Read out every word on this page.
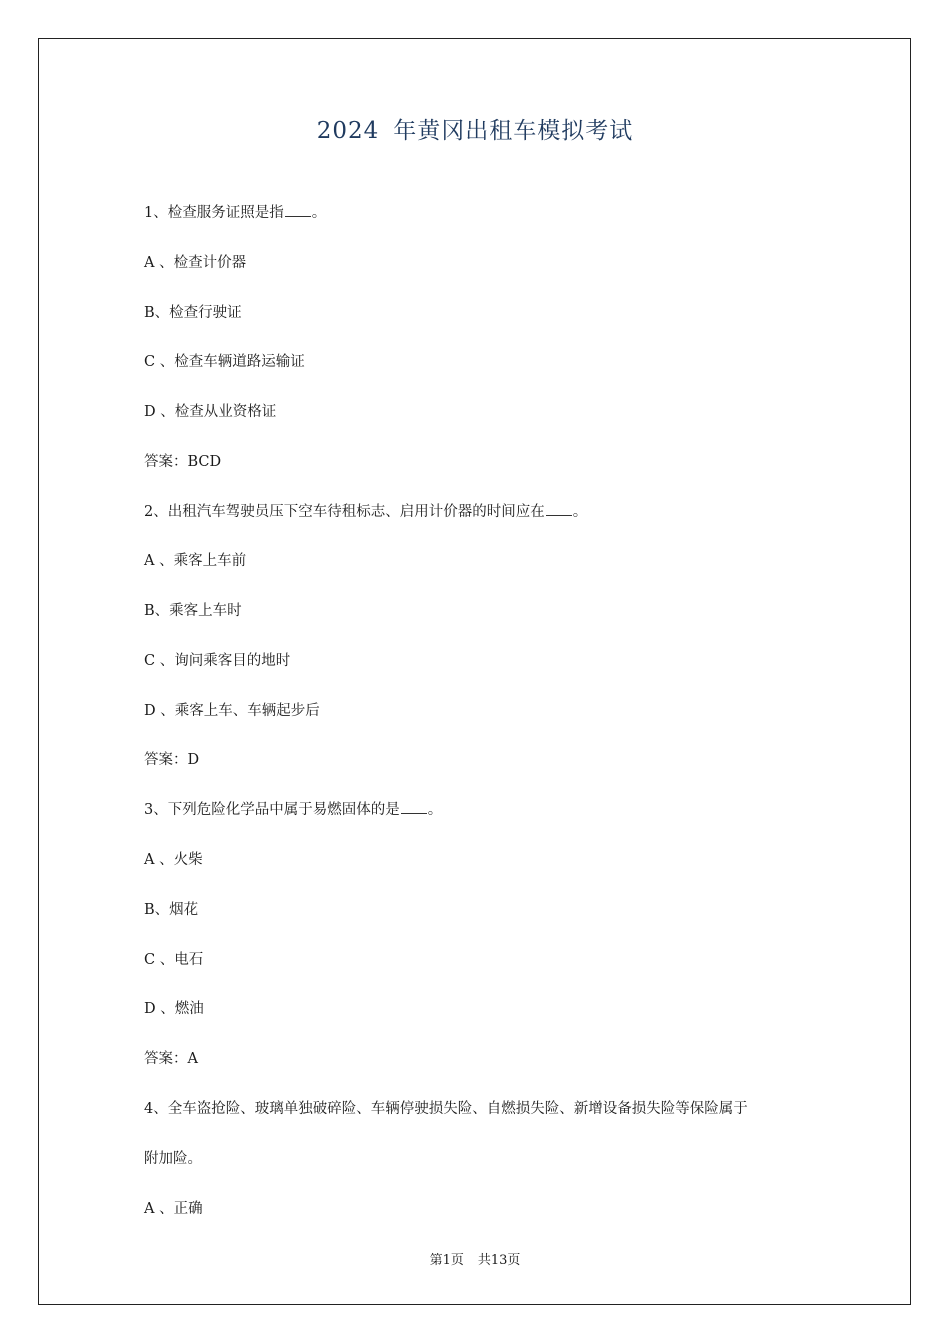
2024 年黄冈出租车模拟考试
1、检查服务证照是指 。
A 、检查计价器
B、检查行驶证
C 、检查车辆道路运输证
D 、检查从业资格证
答案：BCD
2、出租汽车驾驶员压下空车待租标志、启用计价器的时间应在 。
A 、乘客上车前
B、乘客上车时
C 、询问乘客目的地时
D 、乘客上车、车辆起步后
答案：D
3、下列危险化学品中属于易燃固体的是 。
A 、火柴
B、烟花
C 、电石
D 、燃油
答案：A
4、全车盗抢险、玻璃单独破碎险、车辆停驶损失险、自燃损失险、新增设备损失险等保险属于
附加险。
A 、正确
第1页 共13页
